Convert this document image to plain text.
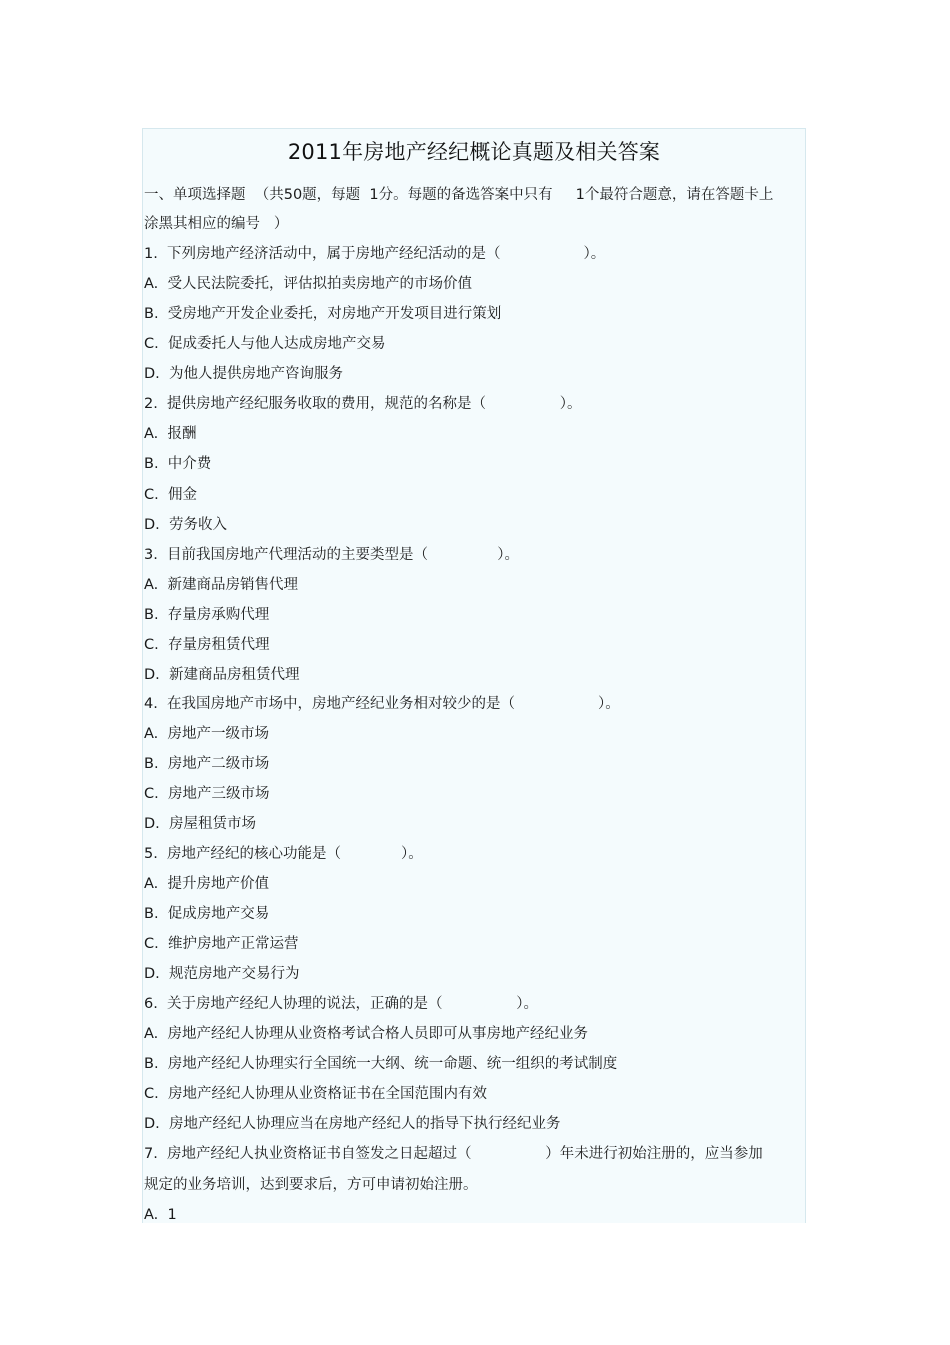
2011年房地产经纪概论真题及相关答案
一、单项选择题  （共50题，每题  1分。每题的备选答案中只有     1个最符合题意，请在答题卡上
涂黑其相应的编号   ）
1.  下列房地产经济活动中，属于房地产经纪活动的是（                  ）。
A.  受人民法院委托，评估拟拍卖房地产的市场价值
B.  受房地产开发企业委托，对房地产开发项目进行策划
C.  促成委托人与他人达成房地产交易
D.  为他人提供房地产咨询服务
2.  提供房地产经纪服务收取的费用，规范的名称是（                ）。
A.  报酬
B.  中介费
C.  佣金
D.  劳务收入
3.  目前我国房地产代理活动的主要类型是（               ）。
A.  新建商品房销售代理
B.  存量房承购代理
C.  存量房租赁代理
D.  新建商品房租赁代理
4.  在我国房地产市场中，房地产经纪业务相对较少的是（                  ）。
A.  房地产一级市场
B.  房地产二级市场
C.  房地产三级市场
D.  房屋租赁市场
5.  房地产经纪的核心功能是（             ）。
A.  提升房地产价值
B.  促成房地产交易
C.  维护房地产正常运营
D.  规范房地产交易行为
6.  关于房地产经纪人协理的说法，正确的是（                ）。
A.  房地产经纪人协理从业资格考试合格人员即可从事房地产经纪业务
B.  房地产经纪人协理实行全国统一大纲、统一命题、统一组织的考试制度
C.  房地产经纪人协理从业资格证书在全国范围内有效
D.  房地产经纪人协理应当在房地产经纪人的指导下执行经纪业务
7.  房地产经纪人执业资格证书自签发之日起超过（                ）年未进行初始注册的，应当参加
规定的业务培训，达到要求后，方可申请初始注册。
A.  1
